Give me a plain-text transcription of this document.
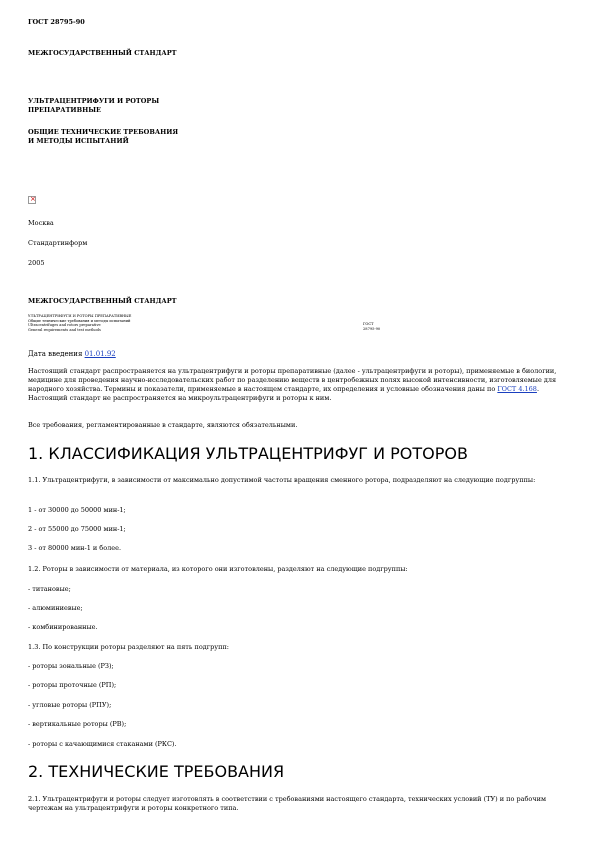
ГОСТ 28795-90
МЕЖГОСУДАРСТВЕННЫЙ СТАНДАРТ
УЛЬТРАЦЕНТРИФУГИ И РОТОРЫ
ПРЕПАРАТИВНЫЕ
ОБЩИЕ ТЕХНИЧЕСКИЕ ТРЕБОВАНИЯ
И МЕТОДЫ ИСПЫТАНИЙ
×
Москва
Стандартинформ
2005
МЕЖГОСУДАРСТВЕННЫЙ СТАНДАРТ
УЛЬТРАЦЕНТРИФУГИ И РОТОРЫ ПРЕПАРАТИВНЫЕ
Общие технические требования и методы испытаний
Ultracentrifuges and rotors preparative
General requirements and test methods
ГОСТ
28795-90
Дата введения 01.01.92
Настоящий стандарт распространяется на ультрацентрифуги и роторы препаративные (далее - ультрацентрифуги и роторы), применяемые в биологии, медицине для проведения научно-исследовательских работ по разделению веществ в центробежных полях высокой интенсивности, изготовляемые для народного хозяйства. Термины и показатели, применяемые в настоящем стандарте, их определения и условные обозначения даны по ГОСТ 4.168. Настоящий стандарт не распространяется на микроультрацентрифуги и роторы к ним.
Все требования, регламентированные в стандарте, являются обязательными.
1. КЛАССИФИКАЦИЯ УЛЬТРАЦЕНТРИФУГ И РОТОРОВ
1.1. Ультрацентрифуги, в зависимости от максимально допустимой частоты вращения сменного ротора, подразделяют на следующие подгруппы:
1 - от 30000 до 50000 мин-1;
2 - от 55000 до 75000 мин-1;
3 - от 80000 мин-1 и более.
1.2. Роторы в зависимости от материала, из которого они изготовлены, разделяют на следующие подгруппы:
- титановые;
- алюминиевые;
- комбинированные.
1.3. По конструкции роторы разделяют на пять подгрупп:
- роторы зональные (РЗ);
- роторы проточные (РП);
- угловые роторы (РПУ);
- вертикальные роторы (РВ);
- роторы с качающимися стаканами (РКС).
2. ТЕХНИЧЕСКИЕ ТРЕБОВАНИЯ
2.1. Ультрацентрифуги и роторы следует изготовлять в соответствии с требованиями настоящего стандарта, технических условий (ТУ) и по рабочим чертежам на ультрацентрифуги и роторы конкретного типа.
